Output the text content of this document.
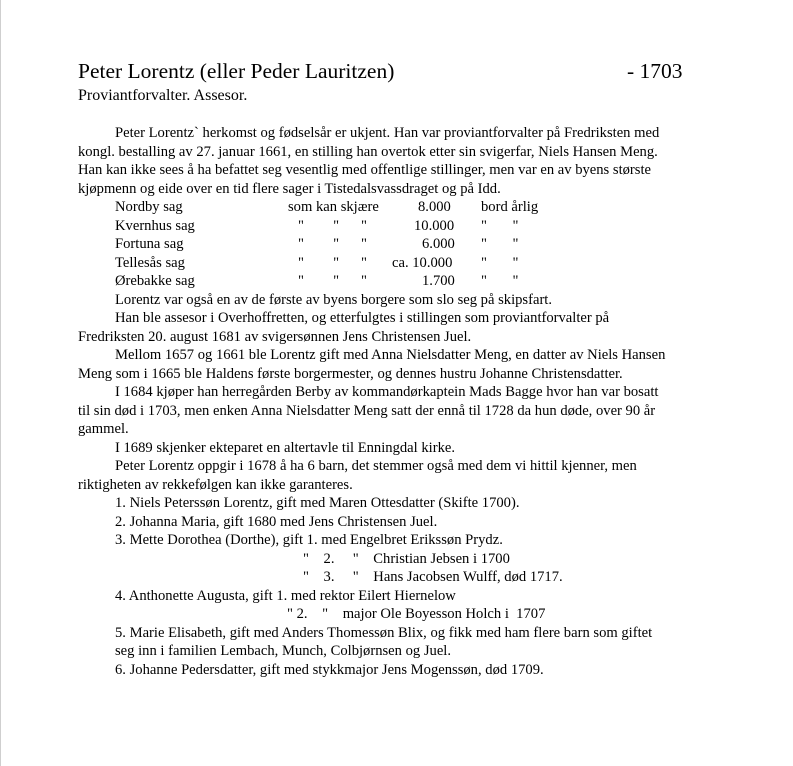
Peter Lorentz (eller Peder Lauritzen)	- 1703
Proviantforvalter. Assesor.
Peter Lorentz` herkomst og fødselsår er ukjent. Han var proviantforvalter på Fredriksten med
kongl. bestalling av 27. januar 1661, en stilling han overtok etter sin svigerfar, Niels Hansen Meng.
Han kan ikke sees å ha befattet seg vesentlig med offentlige stillinger, men var en av byens største
kjøpmenn og eide over en tid flere sager i Tistedalsvassdraget og på Idd.
Nordby sag	som kan skjære	8.000 bord årlig
Kvernhus sag	"        "      "	10.000 "       "
Fortuna sag	"        "      "	6.000 "       "
Tellesås sag	"        "      " ca. 10.000 "       "
Ørebakke sag	"        "      "	1.700 "       "
Lorentz var også en av de første av byens borgere som slo seg på skipsfart.
Han ble assesor i Overhoffretten, og etterfulgtes i stillingen som proviantforvalter på
Fredriksten 20. august 1681 av svigersønnen Jens Christensen Juel.
Mellom 1657 og 1661 ble Lorentz gift med Anna Nielsdatter Meng, en datter av Niels Hansen
Meng som i 1665 ble Haldens første borgermester, og dennes hustru Johanne Christensdatter.
I 1684 kjøper han herregården Berby av kommandørkaptein Mads Bagge hvor han var bosatt
til sin død i 1703, men enken Anna Nielsdatter Meng satt der ennå til 1728 da hun døde, over 90 år
gammel.
I 1689 skjenker ekteparet en altertavle til Enningdal kirke.
Peter Lorentz oppgir i 1678 å ha 6 barn, det stemmer også med dem vi hittil kjenner, men
riktigheten av rekkefølgen kan ikke garanteres.
1. Niels Peterssøn Lorentz, gift med Maren Ottesdatter (Skifte 1700).
2. Johanna Maria, gift 1680 med Jens Christensen Juel.
3. Mette Dorothea (Dorthe), gift 1. med Engelbret Erikssøn Prydz.
"    2.     "    Christian Jebsen i 1700
"    3.     "    Hans Jacobsen Wulff, død 1717.
4. Anthonette Augusta, gift 1. med rektor Eilert Hiernelow
" 2.    "    major Ole Boyesson Holch i  1707
5. Marie Elisabeth, gift med Anders Thomessøn Blix, og fikk med ham flere barn som giftet
seg inn i familien Lembach, Munch, Colbjørnsen og Juel.
6. Johanne Pedersdatter, gift med stykkmajor Jens Mogenssøn, død 1709.
